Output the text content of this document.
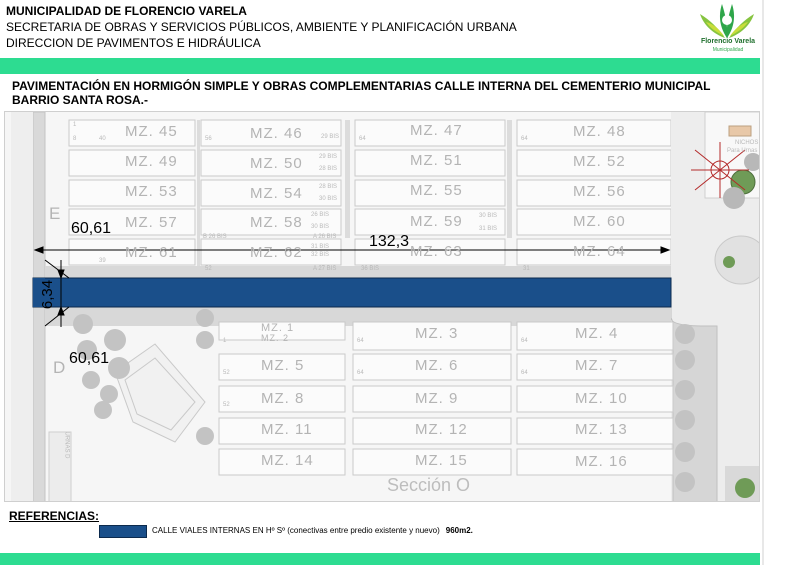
MUNICIPALIDAD DE FLORENCIO VARELA
SECRETARIA DE OBRAS Y SERVICIOS PÚBLICOS, AMBIENTE Y PLANIFICACIÓN URBANA
DIRECCION DE PAVIMENTOS E HIDRÁULICA	Florencio Varela
Municipalidad
PAVIMENTACIÓN EN HORMIGÓN SIMPLE Y OBRAS COMPLEMENTARIAS CALLE INTERNA DEL CEMENTERIO MUNICIPAL
BARRIO SANTA ROSA.-
MZ. 45	MZ. 46	MZ. 47	MZ. 48
MZ. 49	MZ. 50	MZ. 51	MZ. 52
MZ. 53	MZ. 54	MZ. 55	MZ. 56
MZ. 57	MZ. 58	MZ. 59	MZ. 60
MZ. 61	MZ. 62	MZ. 63	MZ. 64
1
8	40	56	64	64
29 BIS
29 BIS
28 BIS
28 BIS
30 BIS
26 BIS
30 BIS
A 26 BIS
31 BIS
32 BIS
A 27 BIS
30 BIS
31 BIS
B 26 BIS
52	36 BIS	31
39
NICHOS
Para Urnas
URNAS D
E
D
MZ. 1
MZ. 2	MZ. 3	MZ. 4
MZ. 5	MZ. 6	MZ. 7
MZ. 8	MZ. 9	MZ. 10
MZ. 11	MZ. 12	MZ. 13
MZ. 14	MZ. 15	MZ. 16
1
52
64	64
52
64	64
Sección O
60,61
132,3
6,34
60,61
REFERENCIAS:
CALLE VIALES INTERNAS EN Hº Sº (conectivas entre predio existente y nuevo) 960m2.
